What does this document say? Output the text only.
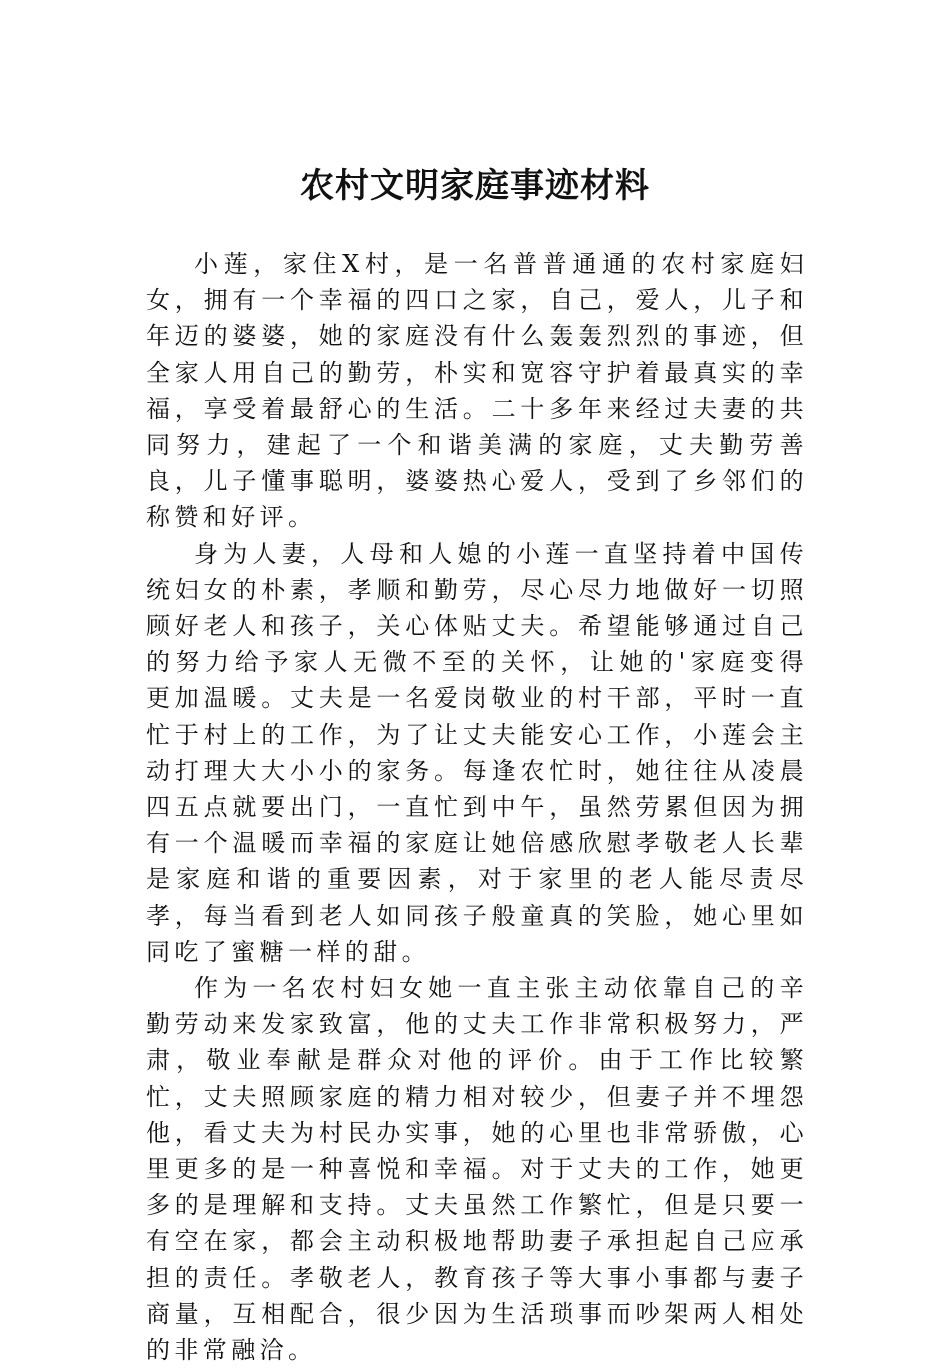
农村文明家庭事迹材料

小莲，家住X村，是一名普普通通的农村家庭妇女，拥有一个幸福的四口之家，自己，爱人，儿子和年迈的婆婆，她的家庭没有什么轰轰烈烈的事迹，但全家人用自己的勤劳，朴实和宽容守护着最真实的幸福，享受着最舒心的生活。二十多年来经过夫妻的共同努力，建起了一个和谐美满的家庭，丈夫勤劳善良，儿子懂事聪明，婆婆热心爱人，受到了乡邻们的称赞和好评。

身为人妻，人母和人媳的小莲一直坚持着中国传统妇女的朴素，孝顺和勤劳，尽心尽力地做好一切照顾好老人和孩子，关心体贴丈夫。希望能够通过自己的努力给予家人无微不至的关怀，让她的'家庭变得更加温暖。丈夫是一名爱岗敬业的村干部，平时一直忙于村上的工作，为了让丈夫能安心工作，小莲会主动打理大大小小的家务。每逢农忙时，她往往从凌晨四五点就要出门，一直忙到中午，虽然劳累但因为拥有一个温暖而幸福的家庭让她倍感欣慰孝敬老人长辈是家庭和谐的重要因素，对于家里的老人能尽责尽孝，每当看到老人如同孩子般童真的笑脸，她心里如同吃了蜜糖一样的甜。

作为一名农村妇女她一直主张主动依靠自己的辛勤劳动来发家致富，他的丈夫工作非常积极努力，严肃，敬业奉献是群众对他的评价。由于工作比较繁忙，丈夫照顾家庭的精力相对较少，但妻子并不埋怨他，看丈夫为村民办实事，她的心里也非常骄傲，心里更多的是一种喜悦和幸福。对于丈夫的工作，她更多的是理解和支持。丈夫虽然工作繁忙，但是只要一有空在家，都会主动积极地帮助妻子承担起自己应承担的责任。孝敬老人，教育孩子等大事小事都与妻子商量，互相配合，很少因为生活琐事而吵架两人相处的非常融洽。
